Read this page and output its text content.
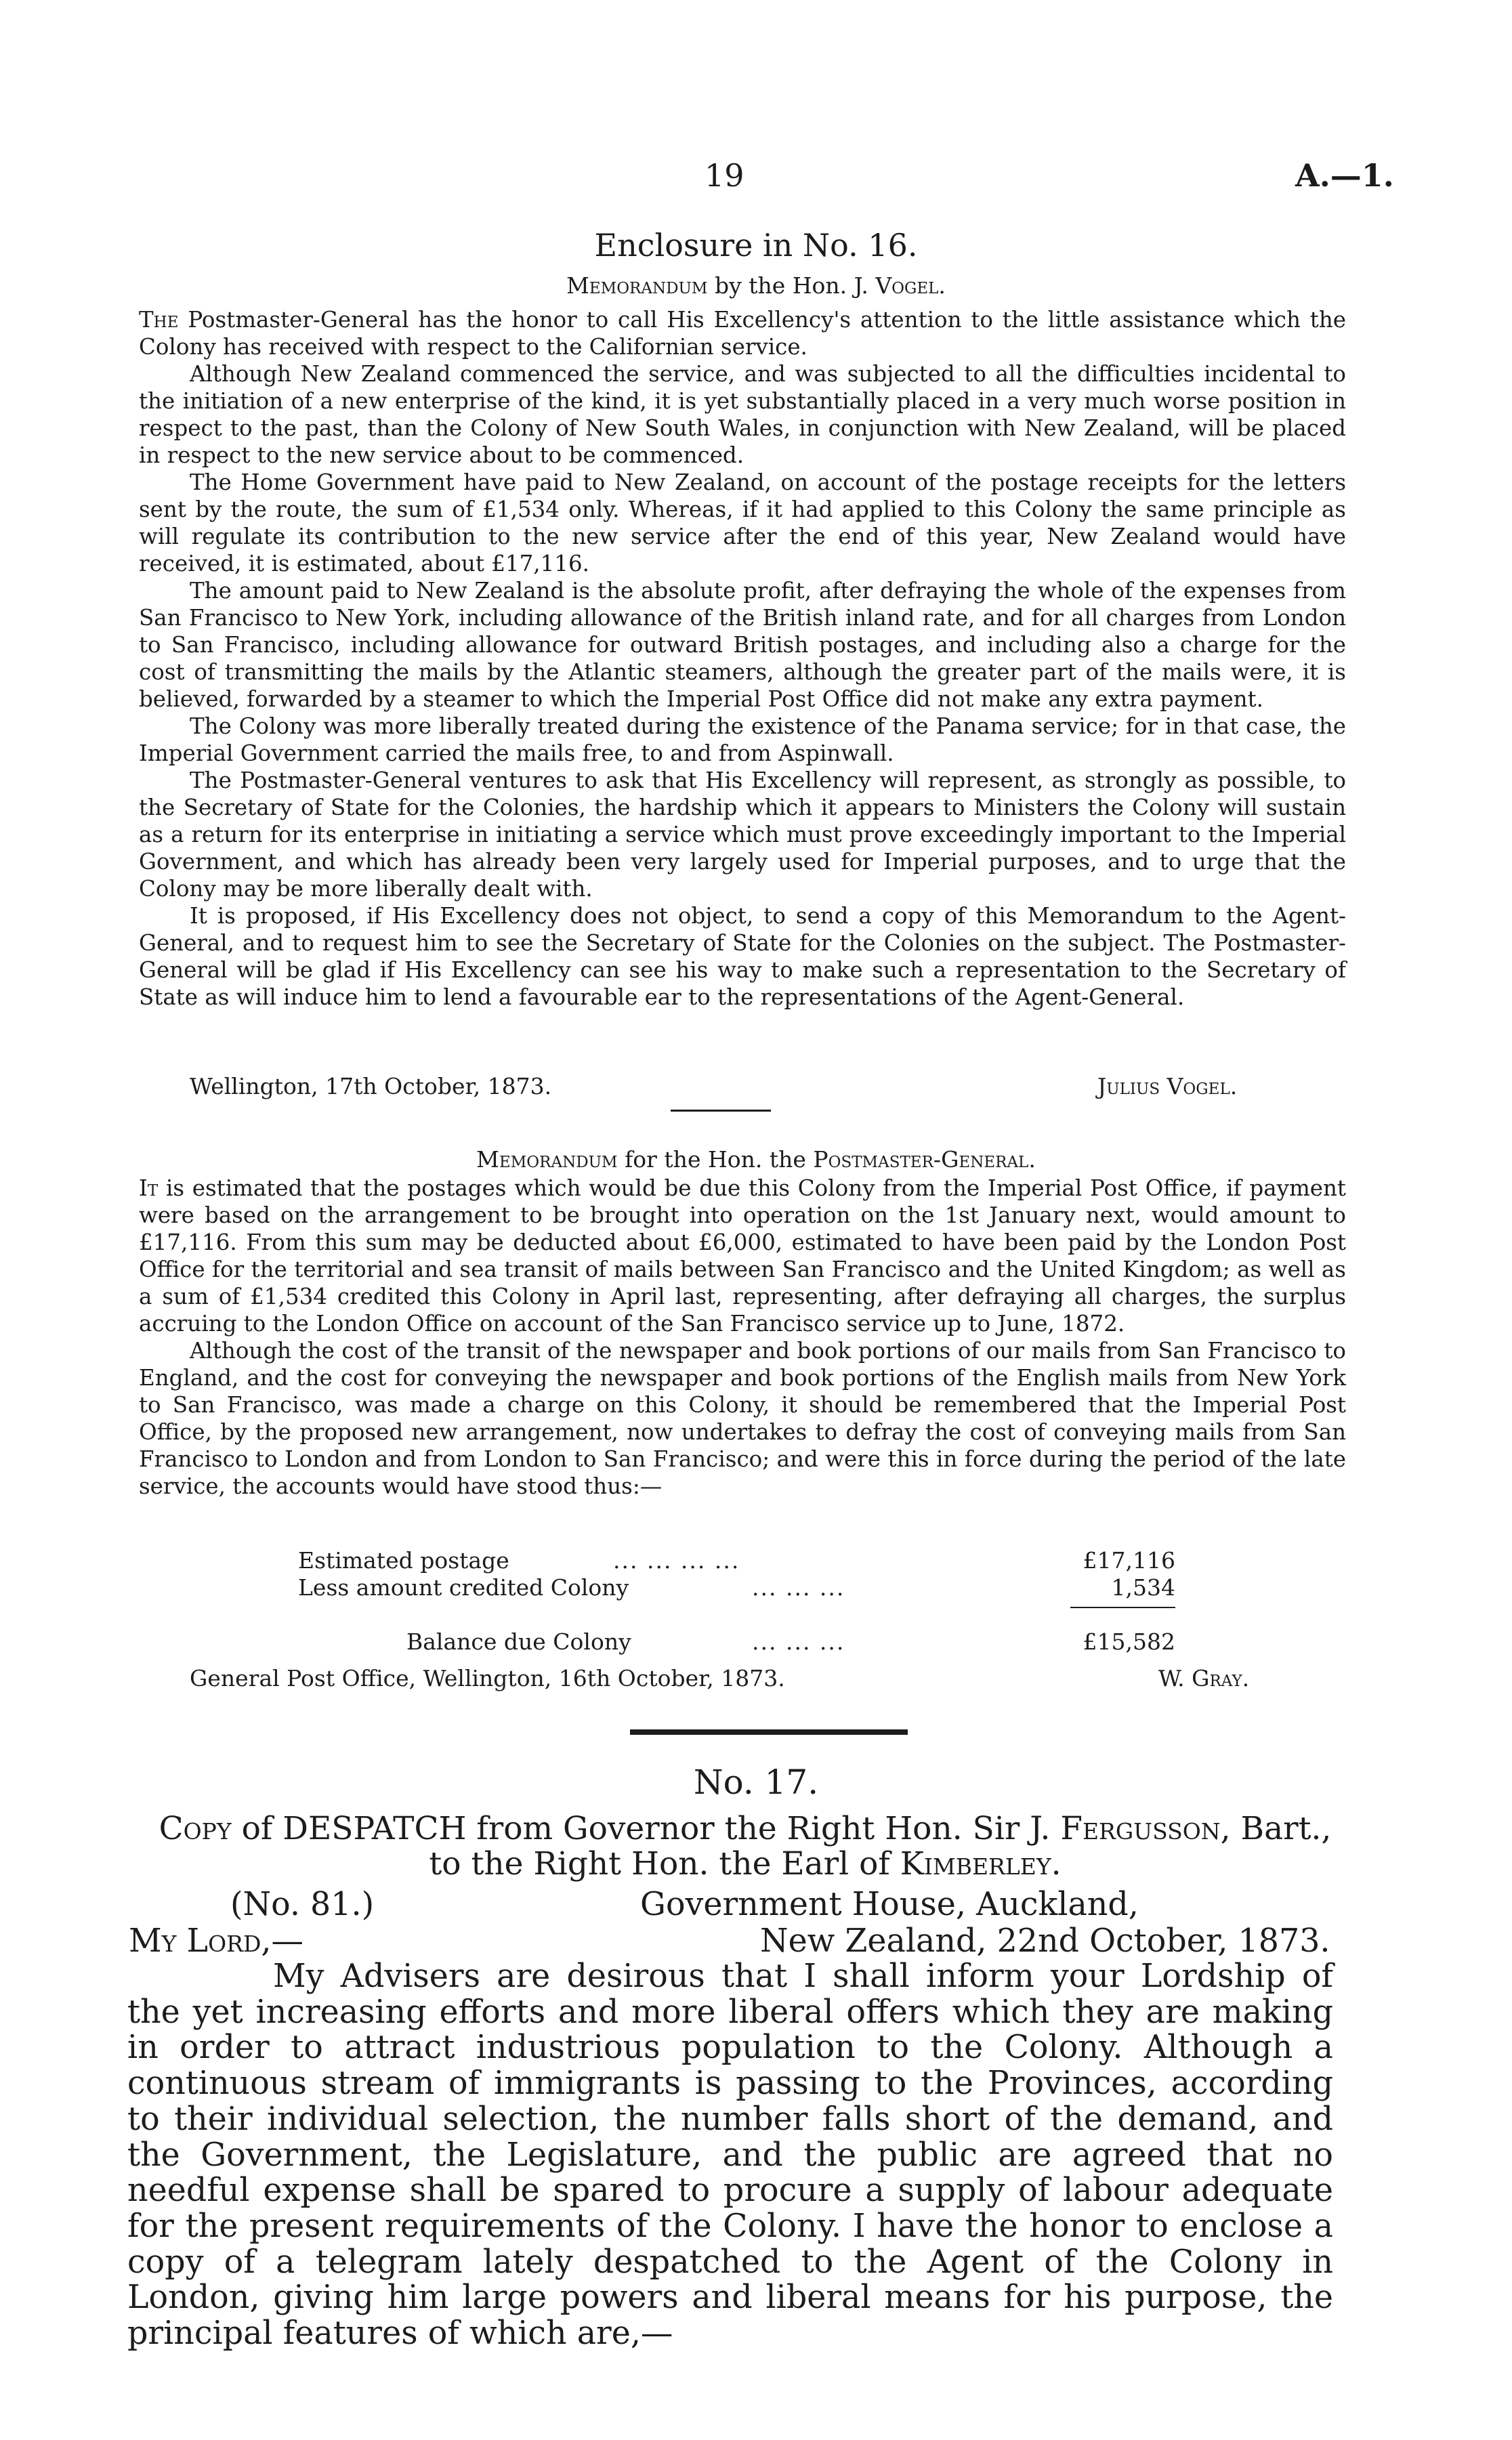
19	A.—1.
Enclosure in No. 16.
Memorandum by the Hon. J. Vogel.

The Postmaster-General has the honor to call His Excellency's attention to the little assistance which the Colony has received with respect to the Californian service.

Although New Zealand commenced the service, and was subjected to all the difficulties incidental to the initiation of a new enterprise of the kind, it is yet substantially placed in a very much worse position in respect to the past, than the Colony of New South Wales, in conjunction with New Zealand, will be placed in respect to the new service about to be commenced.

The Home Government have paid to New Zealand, on account of the postage receipts for the letters sent by the route, the sum of £1,534 only. Whereas, if it had applied to this Colony the same principle as will regulate its contribution to the new service after the end of this year, New Zealand would have received, it is estimated, about £17,116.

The amount paid to New Zealand is the absolute profit, after defraying the whole of the expenses from San Francisco to New York, including allowance of the British inland rate, and for all charges from London to San Francisco, including allowance for outward British postages, and including also a charge for the cost of transmitting the mails by the Atlantic steamers, although the greater part of the mails were, it is believed, forwarded by a steamer to which the Imperial Post Office did not make any extra payment.

The Colony was more liberally treated during the existence of the Panama service; for in that case, the Imperial Government carried the mails free, to and from Aspinwall.

The Postmaster-General ventures to ask that His Excellency will represent, as strongly as possible, to the Secretary of State for the Colonies, the hardship which it appears to Ministers the Colony will sustain as a return for its enterprise in initiating a service which must prove exceedingly important to the Imperial Government, and which has already been very largely used for Imperial purposes, and to urge that the Colony may be more liberally dealt with.

It is proposed, if His Excellency does not object, to send a copy of this Memorandum to the Agent-General, and to request him to see the Secretary of State for the Colonies on the subject. The Postmaster-General will be glad if His Excellency can see his way to make such a representation to the Secretary of State as will induce him to lend a favourable ear to the representations of the Agent-General.

Wellington, 17th October, 1873.	Julius Vogel.
Memorandum for the Hon. the Postmaster-General.

It is estimated that the postages which would be due this Colony from the Imperial Post Office, if payment were based on the arrangement to be brought into operation on the 1st January next, would amount to £17,116. From this sum may be deducted about £6,000, estimated to have been paid by the London Post Office for the territorial and sea transit of mails between San Francisco and the United Kingdom; as well as a sum of £1,534 credited this Colony in April last, representing, after defraying all charges, the surplus accruing to the London Office on account of the San Francisco service up to June, 1872.

Although the cost of the transit of the newspaper and book portions of our mails from San Francisco to England, and the cost for conveying the newspaper and book portions of the English mails from New York to San Francisco, was made a charge on this Colony, it should be remembered that the Imperial Post Office, by the proposed new arrangement, now undertakes to defray the cost of conveying mails from San Francisco to London and from London to San Francisco; and were this in force during the period of the late service, the accounts would have stood thus:—

Estimated postage	... ... ... ...	£17,116
Less amount credited Colony	... ... ...	1,534
Balance due Colony	... ... ...	£15,582
General Post Office, Wellington, 16th October, 1873.	W. Gray.
No. 17.
Copy of DESPATCH from Governor the Right Hon. Sir J. Fergusson, Bart.,
to the Right Hon. the Earl of Kimberley.
(No. 81.)	Government House, Auckland,
My Lord,—	New Zealand, 22nd October, 1873.

My Advisers are desirous that I shall inform your Lordship of the yet increasing efforts and more liberal offers which they are making in order to attract industrious population to the Colony. Although a continuous stream of immigrants is passing to the Provinces, according to their individual selection, the number falls short of the demand, and the Government, the Legislature, and the public are agreed that no needful expense shall be spared to procure a supply of labour adequate for the present requirements of the Colony. I have the honor to enclose a copy of a telegram lately despatched to the Agent of the Colony in London, giving him large powers and liberal means for his purpose, the principal features of which are,—
